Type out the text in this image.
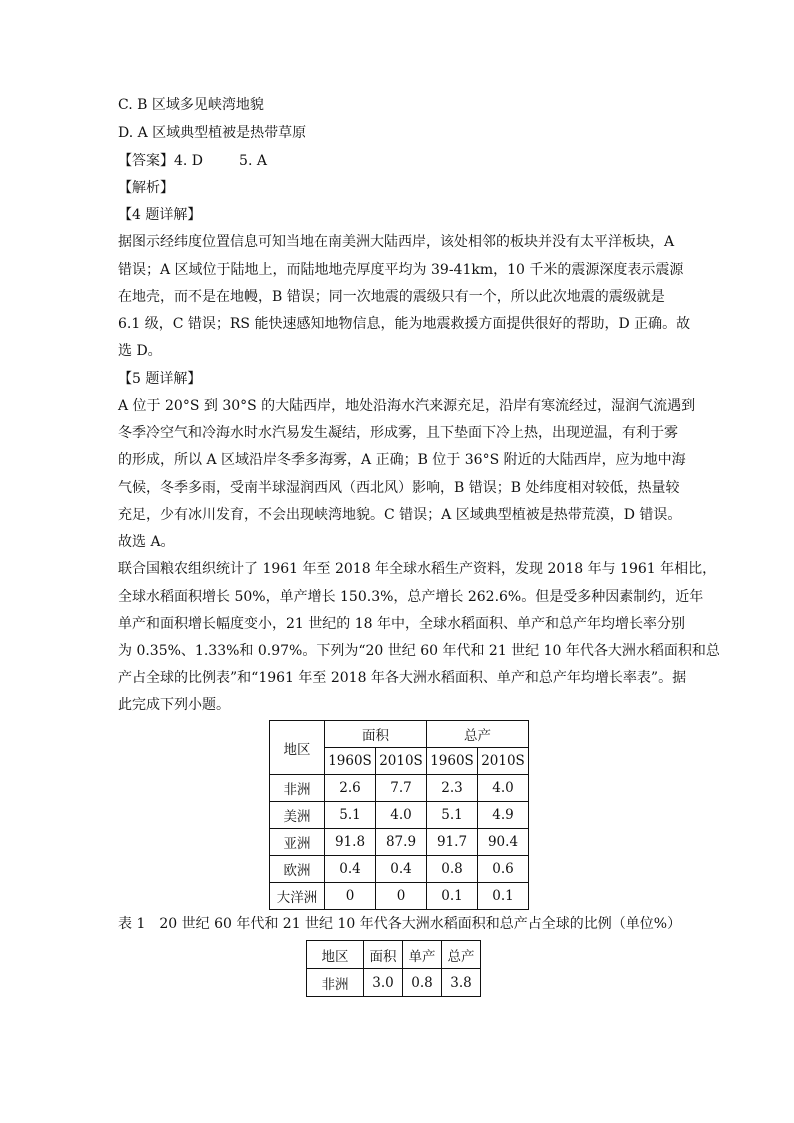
C. B 区域多见峡湾地貌
D. A 区域典型植被是热带草原
【答案】4. D	5. A
【解析】
【4 题详解】
据图示经纬度位置信息可知当地在南美洲大陆西岸，该处相邻的板块并没有太平洋板块，A
错误；A 区域位于陆地上，而陆地地壳厚度平均为 39-41km，10 千米的震源深度表示震源
在地壳，而不是在地幔，B 错误；同一次地震的震级只有一个，所以此次地震的震级就是
6.1 级，C 错误；RS 能快速感知地物信息，能为地震救援方面提供很好的帮助，D 正确。故
选 D。
【5 题详解】
A 位于 20°S 到 30°S 的大陆西岸，地处沿海水汽来源充足，沿岸有寒流经过，湿润气流遇到
冬季冷空气和冷海水时水汽易发生凝结，形成雾，且下垫面下冷上热，出现逆温，有利于雾
的形成，所以 A 区域沿岸冬季多海雾，A 正确；B 位于 36°S 附近的大陆西岸，应为地中海
气候，冬季多雨，受南半球湿润西风（西北风）影响，B 错误；B 处纬度相对较低，热量较
充足，少有冰川发育，不会出现峡湾地貌。C 错误；A 区域典型植被是热带荒漠，D 错误。
故选 A。
联合国粮农组织统计了 1961 年至 2018 年全球水稻生产资料，发现 2018 年与 1961 年相比，
全球水稻面积增长 50%，单产增长 150.3%，总产增长 262.6%。但是受多种因素制约，近年
单产和面积增长幅度变小，21 世纪的 18 年中，全球水稻面积、单产和总产年均增长率分别
为 0.35%、1.33%和 0.97%。下列为“20 世纪 60 年代和 21 世纪 10 年代各大洲水稻面积和总
产占全球的比例表”和“1961 年至 2018 年各大洲水稻面积、单产和总产年均增长率表”。据
此完成下列小题。
地区	面积		总产	
	1960S	2010S	1960S	2010S
非洲	2.6	7.7	2.3	4.0
美洲	5.1	4.0	5.1	4.9
亚洲	91.8	87.9	91.7	90.4
欧洲	0.4	0.4	0.8	0.6
大洋洲	0	0	0.1	0.1
表 1　20 世纪 60 年代和 21 世纪 10 年代各大洲水稻面积和总产占全球的比例（单位%）
地区	面积	单产	总产
非洲	3.0	0.8	3.8
